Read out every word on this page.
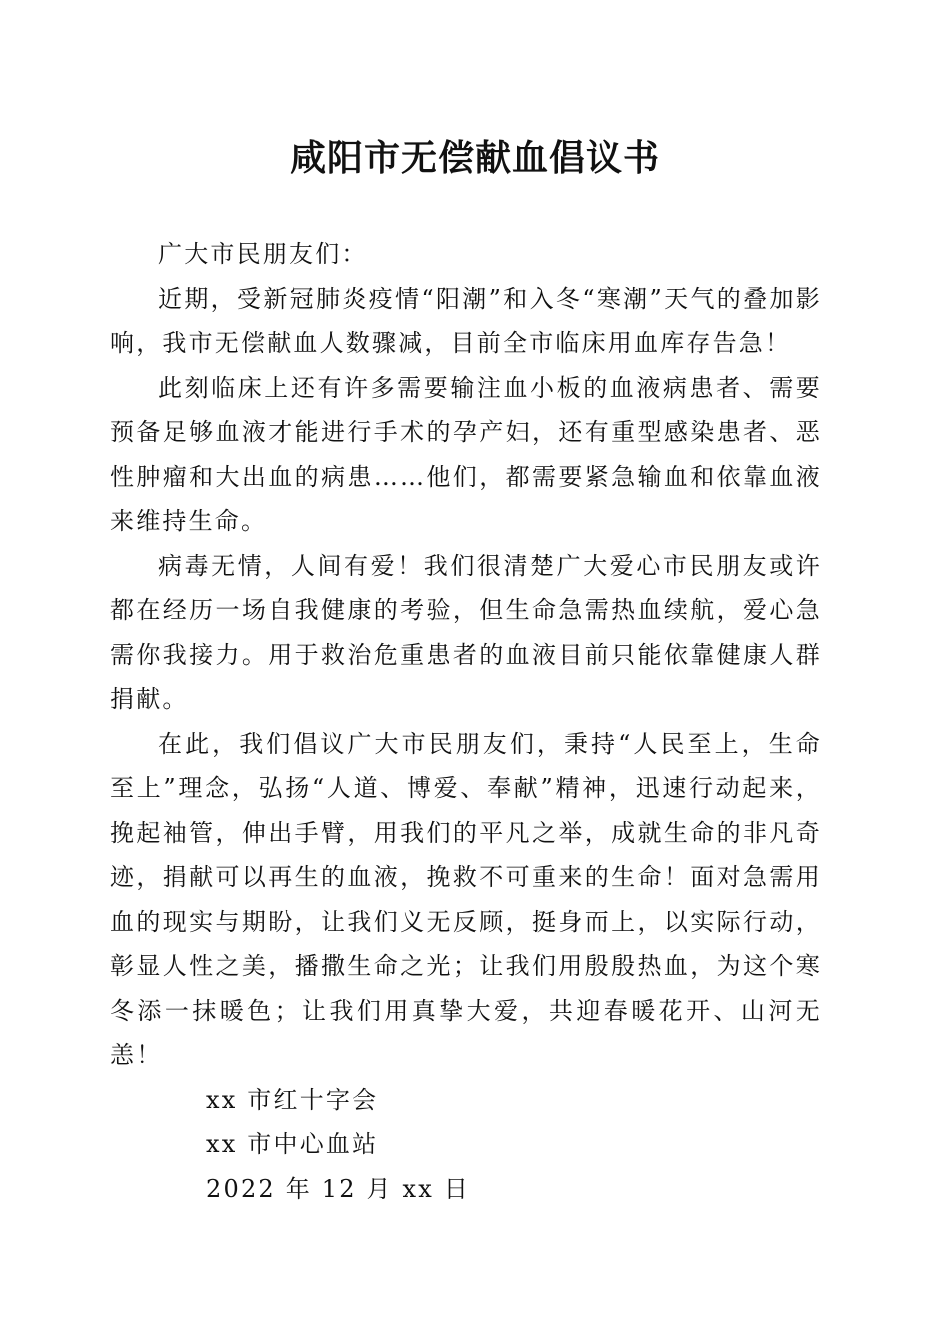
咸阳市无偿献血倡议书

广大市民朋友们：

近期，受新冠肺炎疫情“阳潮”和入冬“寒潮”天气的叠加影响，我市无偿献血人数骤减，目前全市临床用血库存告急！

此刻临床上还有许多需要输注血小板的血液病患者、需要预备足够血液才能进行手术的孕产妇，还有重型感染患者、恶性肿瘤和大出血的病患……他们，都需要紧急输血和依靠血液来维持生命。

病毒无情，人间有爱！我们很清楚广大爱心市民朋友或许都在经历一场自我健康的考验，但生命急需热血续航，爱心急需你我接力。用于救治危重患者的血液目前只能依靠健康人群捐献。

在此，我们倡议广大市民朋友们，秉持“人民至上，生命至上”理念，弘扬“人道、博爱、奉献”精神，迅速行动起来，挽起袖管，伸出手臂，用我们的平凡之举，成就生命的非凡奇迹，捐献可以再生的血液，挽救不可重来的生命！面对急需用血的现实与期盼，让我们义无反顾，挺身而上，以实际行动，彰显人性之美，播撒生命之光；让我们用殷殷热血，为这个寒冬添一抹暖色；让我们用真挚大爱，共迎春暖花开、山河无恙！

xx 市红十字会

xx 市中心血站

2022 年 12 月 xx 日
